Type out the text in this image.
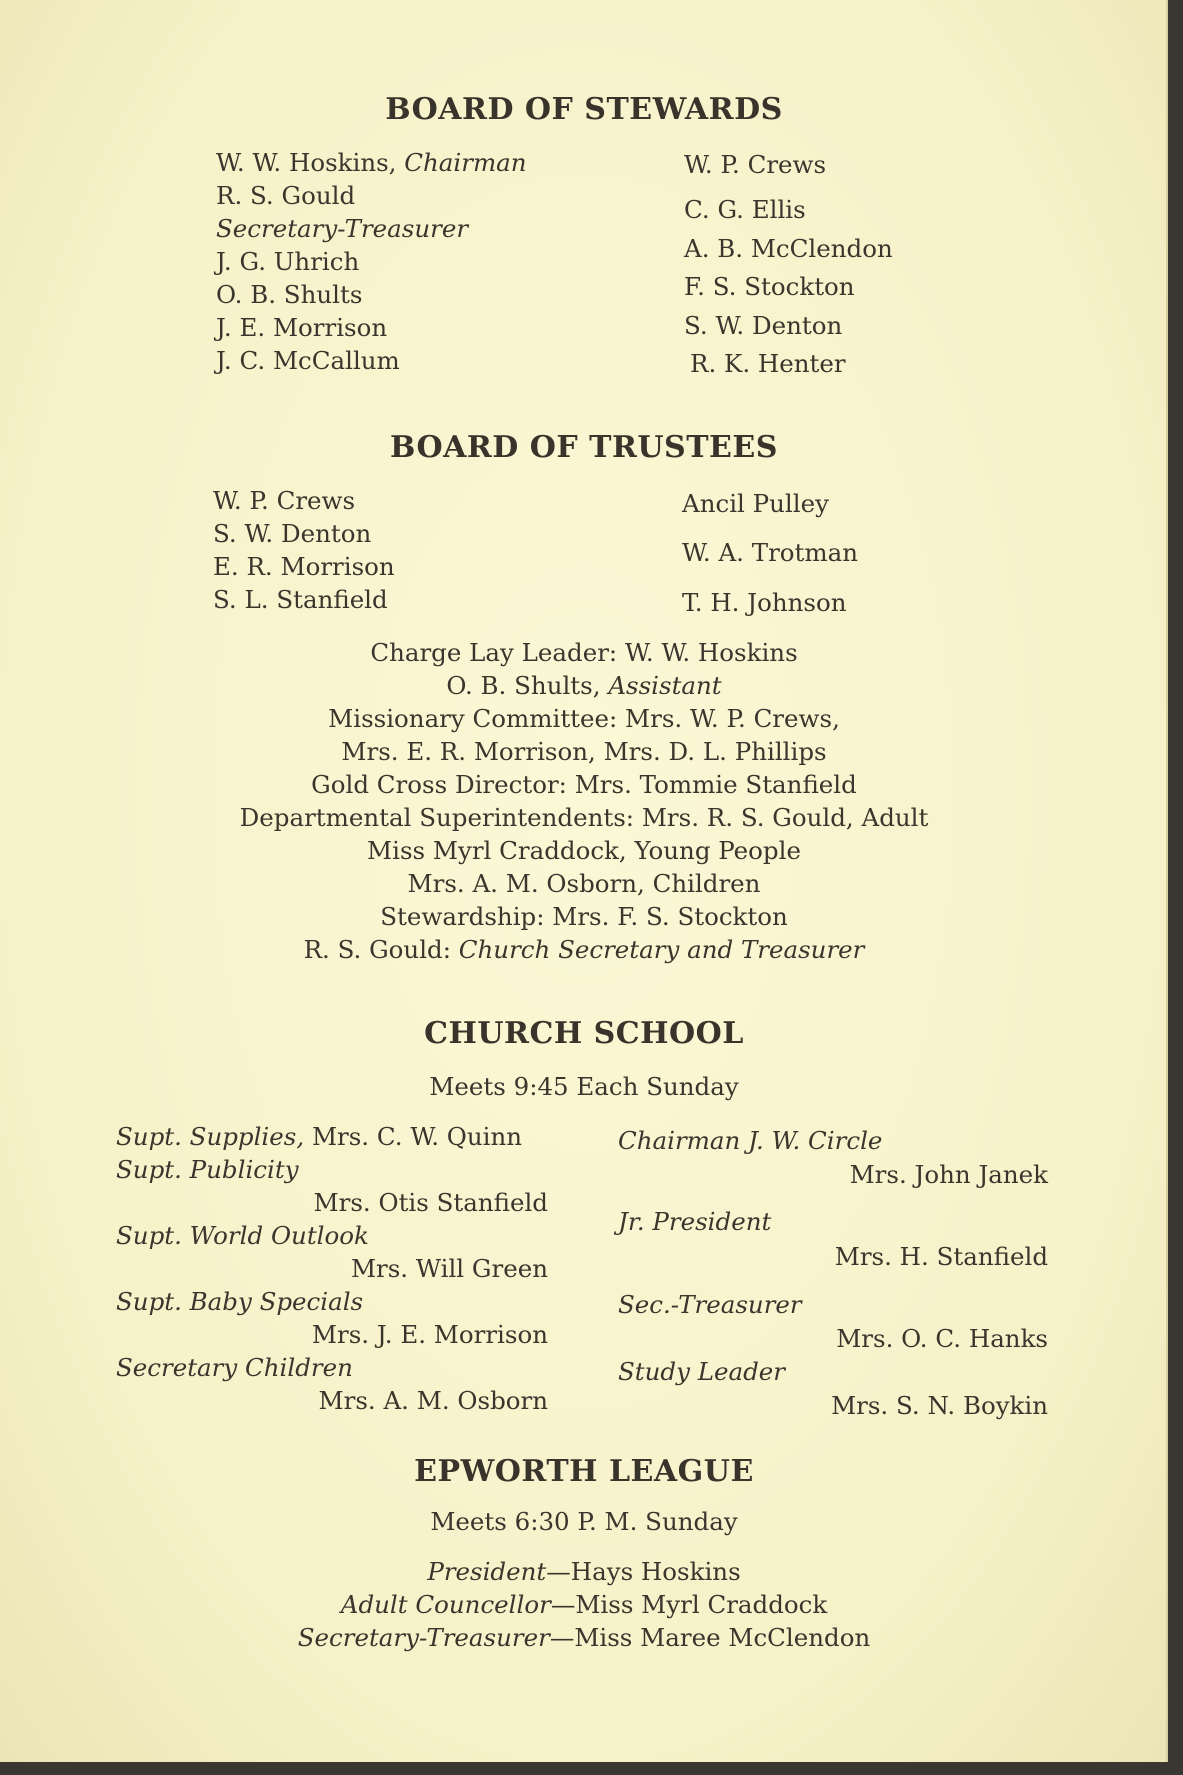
BOARD OF STEWARDS
W. W. Hoskins, Chairman
R. S. Gould
Secretary-Treasurer
J. G. Uhrich
O. B. Shults
J. E. Morrison
J. C. McCallum
W. P. Crews
C. G. Ellis
A. B. McClendon
F. S. Stockton
S. W. Denton
R. K. Henter
BOARD OF TRUSTEES
W. P. Crews
S. W. Denton
E. R. Morrison
S. L. Stanfield
Ancil Pulley
W. A. Trotman
T. H. Johnson
Charge Lay Leader: W. W. Hoskins
O. B. Shults, Assistant
Missionary Committee: Mrs. W. P. Crews,
Mrs. E. R. Morrison, Mrs. D. L. Phillips
Gold Cross Director: Mrs. Tommie Stanfield
Departmental Superintendents: Mrs. R. S. Gould, Adult
Miss Myrl Craddock, Young People
Mrs. A. M. Osborn, Children
Stewardship: Mrs. F. S. Stockton
R. S. Gould: Church Secretary and Treasurer
CHURCH SCHOOL
Meets 9:45 Each Sunday
Supt. Supplies, Mrs. C. W. Quinn
Supt. Publicity
Mrs. Otis Stanfield
Supt. World Outlook
Mrs. Will Green
Supt. Baby Specials
Mrs. J. E. Morrison
Secretary Children
Mrs. A. M. Osborn
Chairman J. W. Circle
Mrs. John Janek
Jr. President
Mrs. H. Stanfield
Sec.-Treasurer
Mrs. O. C. Hanks
Study Leader
Mrs. S. N. Boykin
EPWORTH LEAGUE
Meets 6:30 P. M. Sunday
President—Hays Hoskins
Adult Councellor—Miss Myrl Craddock
Secretary-Treasurer—Miss Maree McClendon
